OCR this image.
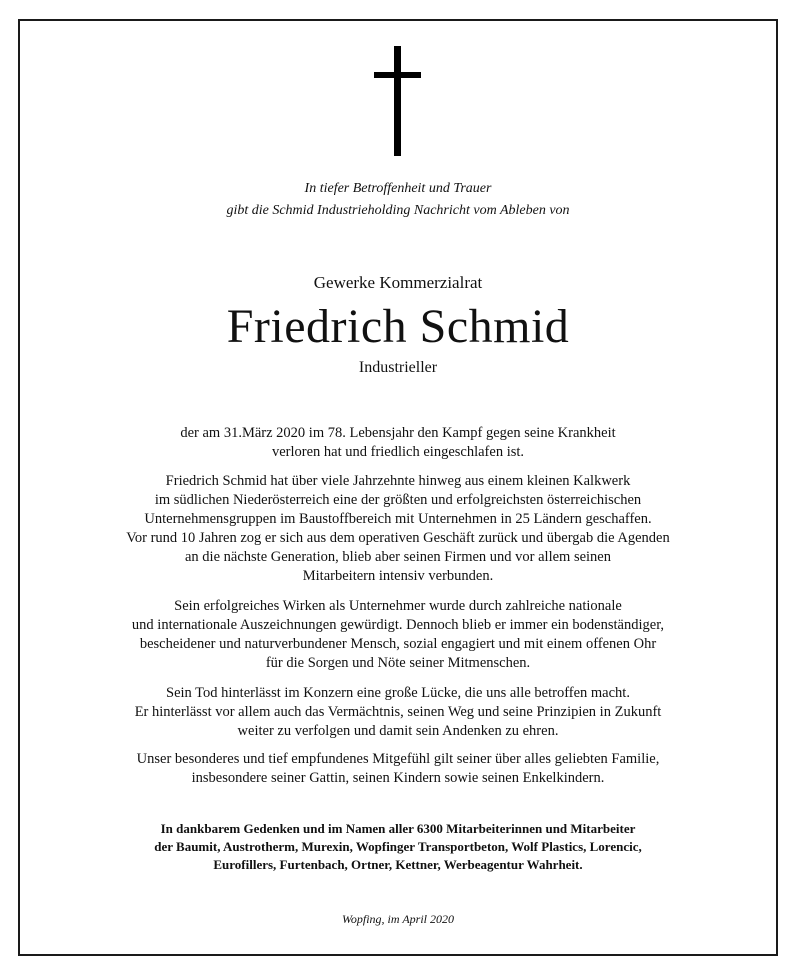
In tiefer Betroffenheit und Trauer
gibt die Schmid Industrieholding Nachricht vom Ableben von
Gewerke Kommerzialrat
Friedrich Schmid
Industrieller
der am 31.März 2020 im 78. Lebensjahr den Kampf gegen seine Krankheit
verloren hat und friedlich eingeschlafen ist.
Friedrich Schmid hat über viele Jahrzehnte hinweg aus einem kleinen Kalkwerk
im südlichen Niederösterreich eine der größten und erfolgreichsten österreichischen
Unternehmensgruppen im Baustoffbereich mit Unternehmen in 25 Ländern geschaffen.
Vor rund 10 Jahren zog er sich aus dem operativen Geschäft zurück und übergab die Agenden
an die nächste Generation, blieb aber seinen Firmen und vor allem seinen
Mitarbeitern intensiv verbunden.
Sein erfolgreiches Wirken als Unternehmer wurde durch zahlreiche nationale
und internationale Auszeichnungen gewürdigt. Dennoch blieb er immer ein bodenständiger,
bescheidener und naturverbundener Mensch, sozial engagiert und mit einem offenen Ohr
für die Sorgen und Nöte seiner Mitmenschen.
Sein Tod hinterlässt im Konzern eine große Lücke, die uns alle betroffen macht.
Er hinterlässt vor allem auch das Vermächtnis, seinen Weg und seine Prinzipien in Zukunft
weiter zu verfolgen und damit sein Andenken zu ehren.
Unser besonderes und tief empfundenes Mitgefühl gilt seiner über alles geliebten Familie,
insbesondere seiner Gattin, seinen Kindern sowie seinen Enkelkindern.
In dankbarem Gedenken und im Namen aller 6300 Mitarbeiterinnen und Mitarbeiter
der Baumit, Austrotherm, Murexin, Wopfinger Transportbeton, Wolf Plastics, Lorencic,
Eurofillers, Furtenbach, Ortner, Kettner, Werbeagentur Wahrheit.
Wopfing, im April 2020
